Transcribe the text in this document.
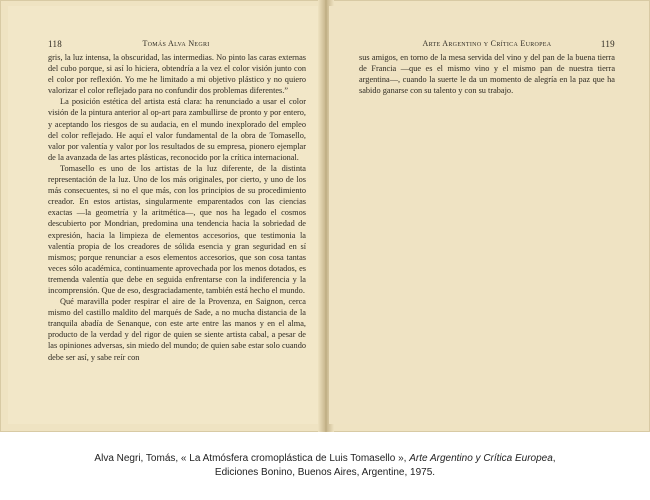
118	Tomás Alva Negri

gris, la luz intensa, la obscuridad, las intermedias. No pinto las caras externas del cubo porque, si así lo hiciera, obtendría a la vez el color visión junto con el color por reflexión. Yo me he limitado a mi objetivo plástico y no quiero valorizar el color reflejado para no confundir dos problemas diferentes.”

La posición estética del artista está clara: ha renunciado a usar el color visión de la pintura anterior al op-art para zambullirse de pronto y por entero, y aceptando los riesgos de su audacia, en el mundo inexplorado del empleo del color reflejado. He aquí el valor fundamental de la obra de Tomasello, valor por valentía y valor por los resultados de su empresa, pionero ejemplar de la avanzada de las artes plásticas, reconocido por la crítica internacional.

Tomasello es uno de los artistas de la luz diferente, de la distinta representación de la luz. Uno de los más originales, por cierto, y uno de los más consecuentes, si no el que más, con los principios de su procedimiento creador. En estos artistas, singularmente emparentados con las ciencias exactas —la geometría y la aritmética—, que nos ha legado el cosmos descubierto por Mondrian, predomina una tendencia hacia la sobriedad de expresión, hacia la limpieza de elementos accesorios, que testimonia la valentía propia de los creadores de sólida esencia y gran seguridad en sí mismos; porque renunciar a esos elementos accesorios, que son cosa tantas veces sólo académica, continuamente aprovechada por los menos dotados, es tremenda valentía que debe en seguida enfrentarse con la indiferencia y la incomprensión. Que de eso, desgraciadamente, también está hecho el mundo.

Qué maravilla poder respirar el aire de la Provenza, en Saignon, cerca mismo del castillo maldito del marqués de Sade, a no mucha distancia de la tranquila abadía de Senanque, con este arte entre las manos y en el alma, producto de la verdad y del rigor de quien se siente artista cabal, a pesar de las opiniones adversas, sin miedo del mundo; de quien sabe estar solo cuando debe ser así, y sabe reír con

Arte Argentino y Crítica Europea	119

sus amigos, en torno de la mesa servida del vino y del pan de la buena tierra de Francia —que es el mismo vino y el mismo pan de nuestra tierra argentina—, cuando la suerte le da un momento de alegría en la paz que ha sabido ganarse con su talento y con su trabajo.

Alva Negri, Tomás, « La Atmósfera cromoplástica de Luis Tomasello », Arte Argentino y Crítica Europea,
Ediciones Bonino, Buenos Aires, Argentine, 1975.
